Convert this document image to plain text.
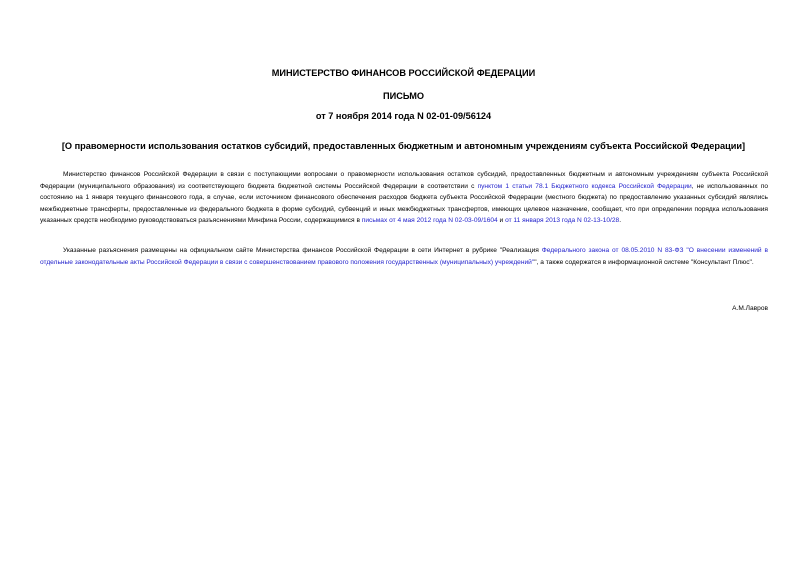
МИНИСТЕРСТВО ФИНАНСОВ РОССИЙСКОЙ ФЕДЕРАЦИИ
ПИСЬМО
от 7 ноября 2014 года N 02-01-09/56124
[О правомерности использования остатков субсидий, предоставленных бюджетным и автономным учреждениям субъекта Российской Федерации]
Министерство финансов Российской Федерации в связи с поступающими вопросами о правомерности использования остатков субсидий, предоставленных бюджетным и автономным учреждениям субъекта Российской Федерации (муниципального образования) из соответствующего бюджета бюджетной системы Российской Федерации в соответствии с пунктом 1 статьи 78.1 Бюджетного кодекса Российской Федерации, не использованных по состоянию на 1 января текущего финансового года, в случае, если источником финансового обеспечения расходов бюджета субъекта Российской Федерации (местного бюджета) по предоставлению указанных субсидий являлись межбюджетные трансферты, предоставленные из федерального бюджета в форме субсидий, субвенций и иных межбюджетных трансфертов, имеющих целевое назначение, сообщает, что при определении порядка использования указанных средств необходимо руководствоваться разъяснениями Минфина России, содержащимися в письмах от 4 мая 2012 года N 02-03-09/1604 и от 11 января 2013 года N 02-13-10/28.
Указанные разъяснения размещены на официальном сайте Министерства финансов Российской Федерации в сети Интернет в рубрике "Реализация Федерального закона от 08.05.2010 N 83-ФЗ "О внесении изменений в отдельные законодательные акты Российской Федерации в связи с совершенствованием правового положения государственных (муниципальных) учреждений"", а также содержатся в информационной системе "Консультант Плюс".
А.М.Лавров
